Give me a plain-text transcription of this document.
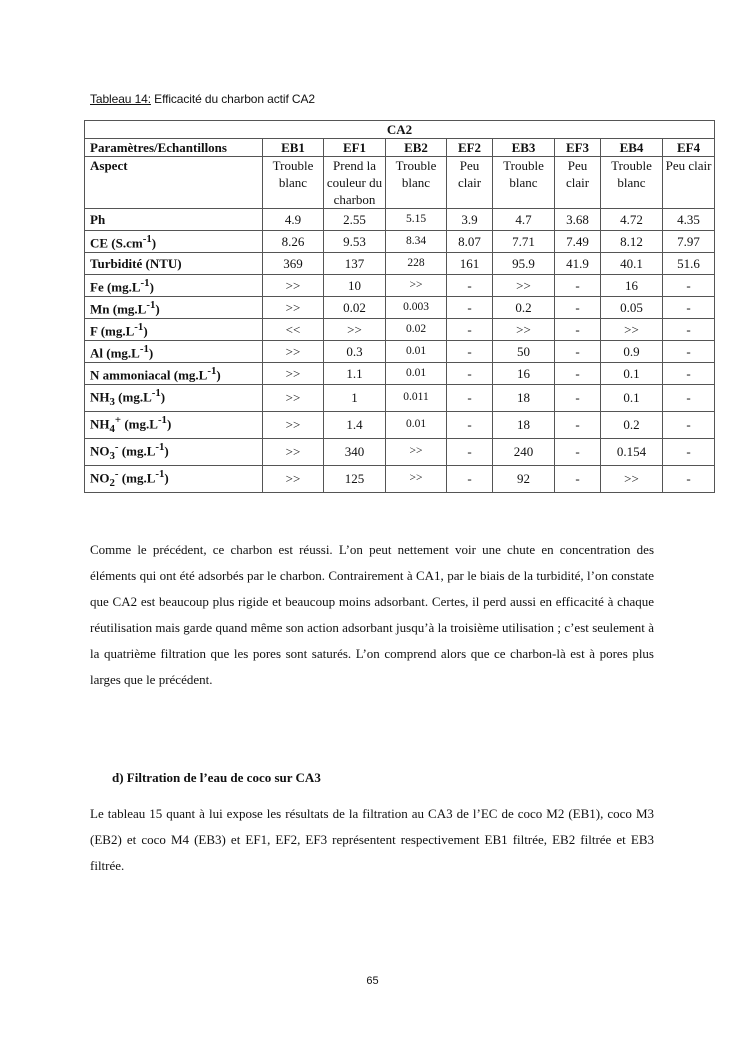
Tableau 14: Efficacité du charbon actif CA2
CA2								
Paramètres/Echantillons	EB1	EF1	EB2	EF2	EB3	EF3	EB4	EF4
Aspect	Trouble blanc	Prend la couleur du charbon	Trouble blanc	Peu clair	Trouble blanc	Peu clair	Trouble blanc	Peu clair
Ph	4.9	2.55	5.15	3.9	4.7	3.68	4.72	4.35
CE $(S.cm^{-1})$	8.26	9.53	8.34	8.07	7.71	7.49	8.12	7.97
Turbidité (NTU)	369	137	228	161	95.9	41.9	40.1	51.6
Fe $(mg.L^{-1})$	>>	10	>>	-	>>	-	16	-
Mn $(mg.L^{-1})$	>>	0.02	0.003	-	0.2	-	0.05	-
F $(mg.L^{-1})$	<<	>>	0.02	-	>>	-	>>	-
Al $(mg.L^{-1})$	>>	0.3	0.01	-	50	-	0.9	-
N ammoniacal $(mg.L^{-1})$	>>	1.1	0.01	-	16	-	0.1	-
$NH_3$ $(mg.L^{-1})$	>>	1	0.011	-	18	-	0.1	-
$NH_4^+$ $(mg.L^{-1})$	>>	1.4	0.01	-	18	-	0.2	-
$NO_3^-$ $(mg.L^{-1})$	>>	340	>>	-	240	-	0.154	-
$NO_2^-$ $(mg.L^{-1})$	>>	125	>>	-	92	-	>>	-

Comme le précédent, ce charbon est réussi. L’on peut nettement voir une chute en concentration des éléments qui ont été adsorbés par le charbon. Contrairement à CA1, par le biais de la turbidité, l’on constate que CA2 est beaucoup plus rigide et beaucoup moins adsorbant. Certes, il perd aussi en efficacité à chaque réutilisation mais garde quand même son action adsorbant jusqu’à la troisième utilisation ; c’est seulement à la quatrième filtration que les pores sont saturés. L’on comprend alors que ce charbon-là est à pores plus larges que le précédent.

d) Filtration de l’eau de coco sur CA3

Le tableau 15 quant à lui expose les résultats de la filtration au CA3 de l’EC de coco M2 (EB1), coco M3 (EB2) et coco M4 (EB3) et EF1, EF2, EF3 représentent respectivement EB1 filtrée, EB2 filtrée et EB3 filtrée.

65
